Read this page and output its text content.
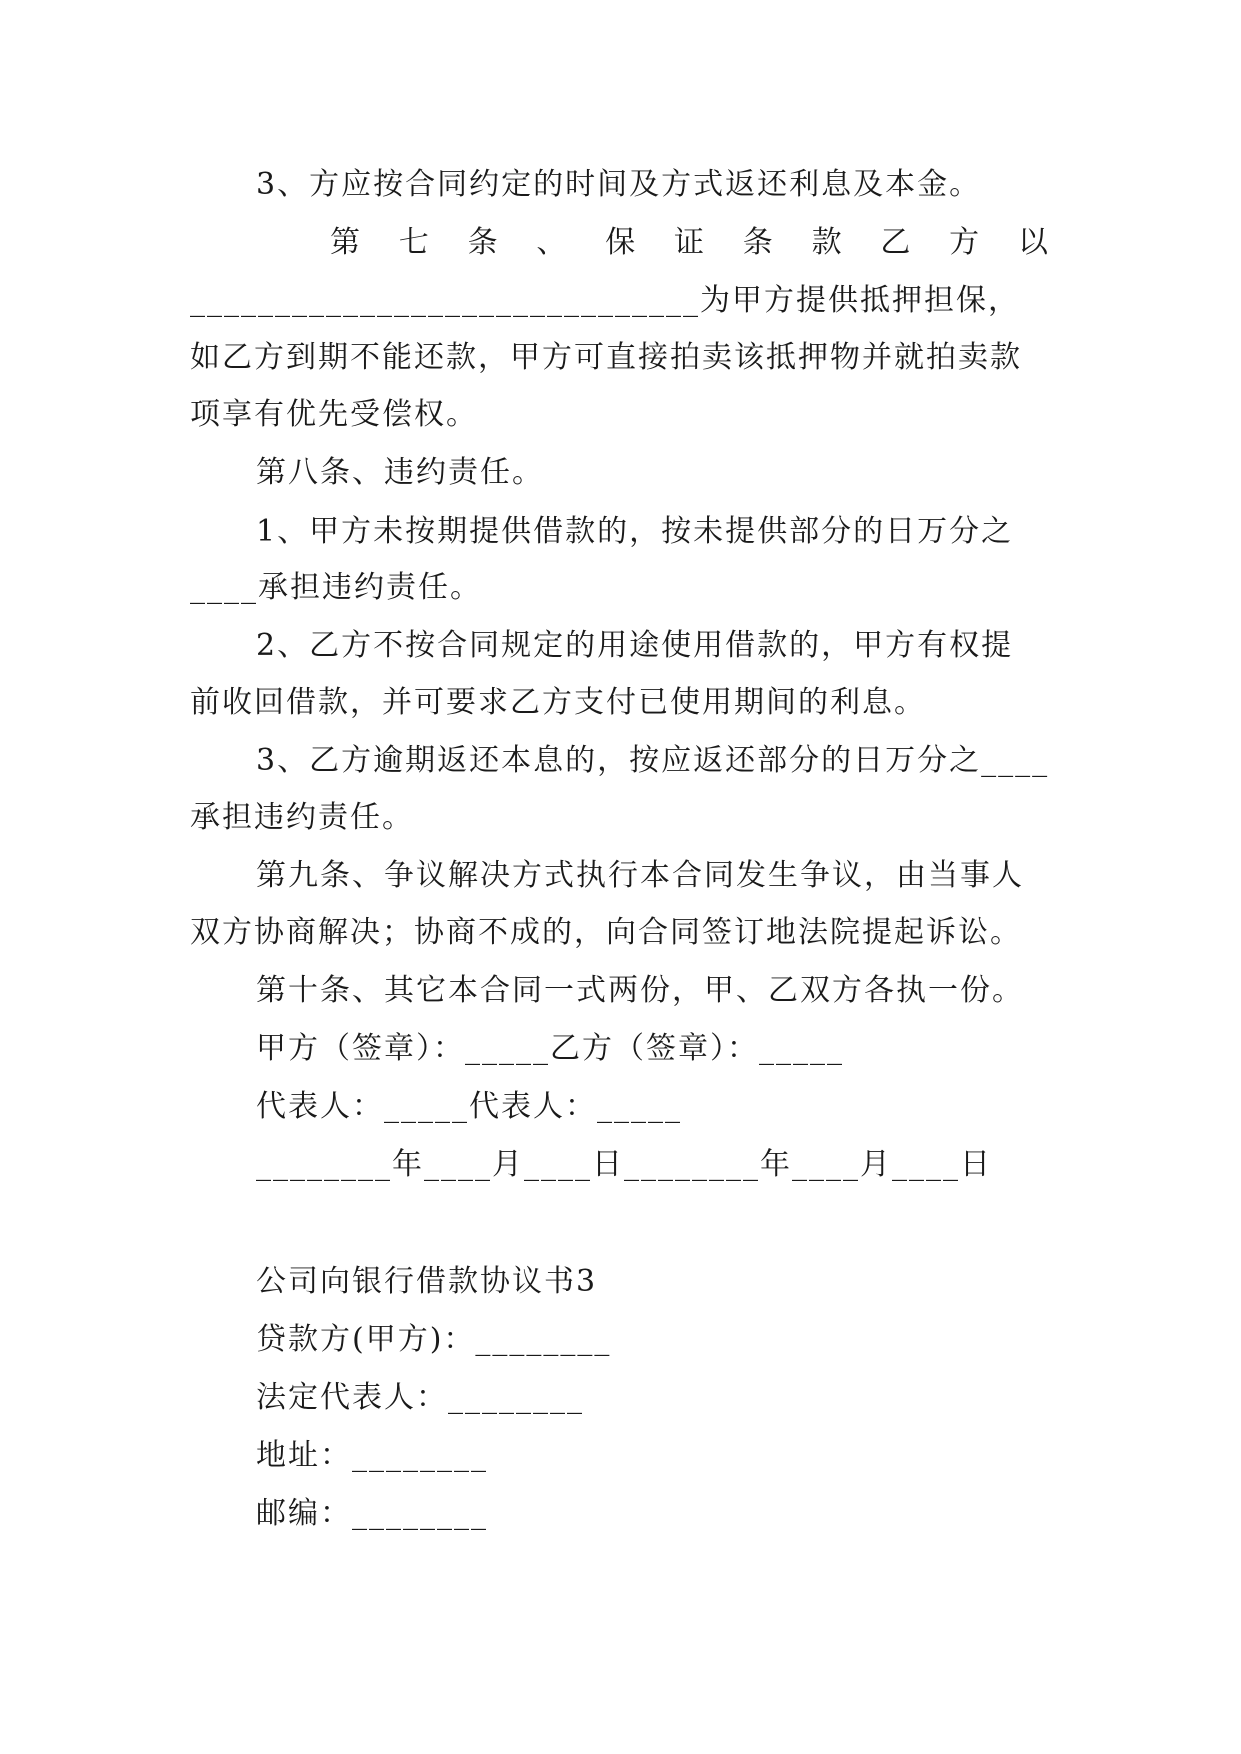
3、方应按合同约定的时间及方式返还利息及本金。
第 七 条 、 保 证 条 款 乙 方 以
______________________________为甲方提供抵押担保，
如乙方到期不能还款，甲方可直接拍卖该抵押物并就拍卖款
项享有优先受偿权。
第八条、违约责任。
1、甲方未按期提供借款的，按未提供部分的日万分之
____承担违约责任。
2、乙方不按合同规定的用途使用借款的，甲方有权提
前收回借款，并可要求乙方支付已使用期间的利息。
3、乙方逾期返还本息的，按应返还部分的日万分之____
承担违约责任。
第九条、争议解决方式执行本合同发生争议，由当事人
双方协商解决；协商不成的，向合同签订地法院提起诉讼。
第十条、其它本合同一式两份，甲、乙双方各执一份。
甲方（签章）：_____乙方（签章）：_____
代表人：_____代表人：_____
________年____月____日________年____月____日
公司向银行借款协议书3
贷款方(甲方)：________
法定代表人：________
地址：________
邮编：________
